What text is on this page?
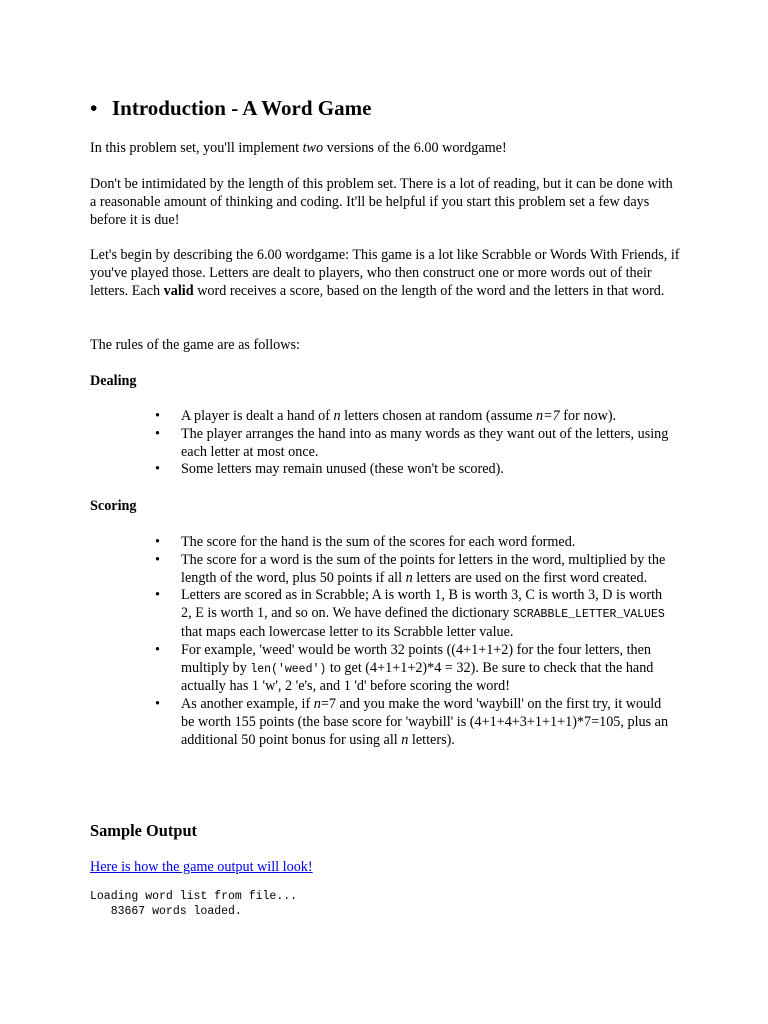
• Introduction - A Word Game

In this problem set, you'll implement two versions of the 6.00 wordgame!

Don't be intimidated by the length of this problem set. There is a lot of reading, but it can be done with a reasonable amount of thinking and coding. It'll be helpful if you start this problem set a few days before it is due!

Let's begin by describing the 6.00 wordgame: This game is a lot like Scrabble or Words With Friends, if you've played those. Letters are dealt to players, who then construct one or more words out of their letters. Each valid word receives a score, based on the length of the word and the letters in that word.

The rules of the game are as follows:

Dealing
•	A player is dealt a hand of n letters chosen at random (assume n=7 for now).
•	The player arranges the hand into as many words as they want out of the letters, using each letter at most once.
•	Some letters may remain unused (these won't be scored).
Scoring
•	The score for the hand is the sum of the scores for each word formed.
•	The score for a word is the sum of the points for letters in the word, multiplied by the length of the word, plus 50 points if all n letters are used on the first word created.
•	Letters are scored as in Scrabble; A is worth 1, B is worth 3, C is worth 3, D is worth 2, E is worth 1, and so on. We have defined the dictionary SCRABBLE_LETTER_VALUES that maps each lowercase letter to its Scrabble letter value.
•	For example, 'weed' would be worth 32 points ((4+1+1+2) for the four letters, then multiply by len('weed') to get (4+1+1+2)*4 = 32). Be sure to check that the hand actually has 1 'w', 2 'e's, and 1 'd' before scoring the word!
•	As another example, if n=7 and you make the word 'waybill' on the first try, it would be worth 155 points (the base score for 'waybill' is (4+1+4+3+1+1+1)*7=105, plus an additional 50 point bonus for using all n letters).
Sample Output

Here is how the game output will look!

Loading word list from file...
83667 words loaded.
